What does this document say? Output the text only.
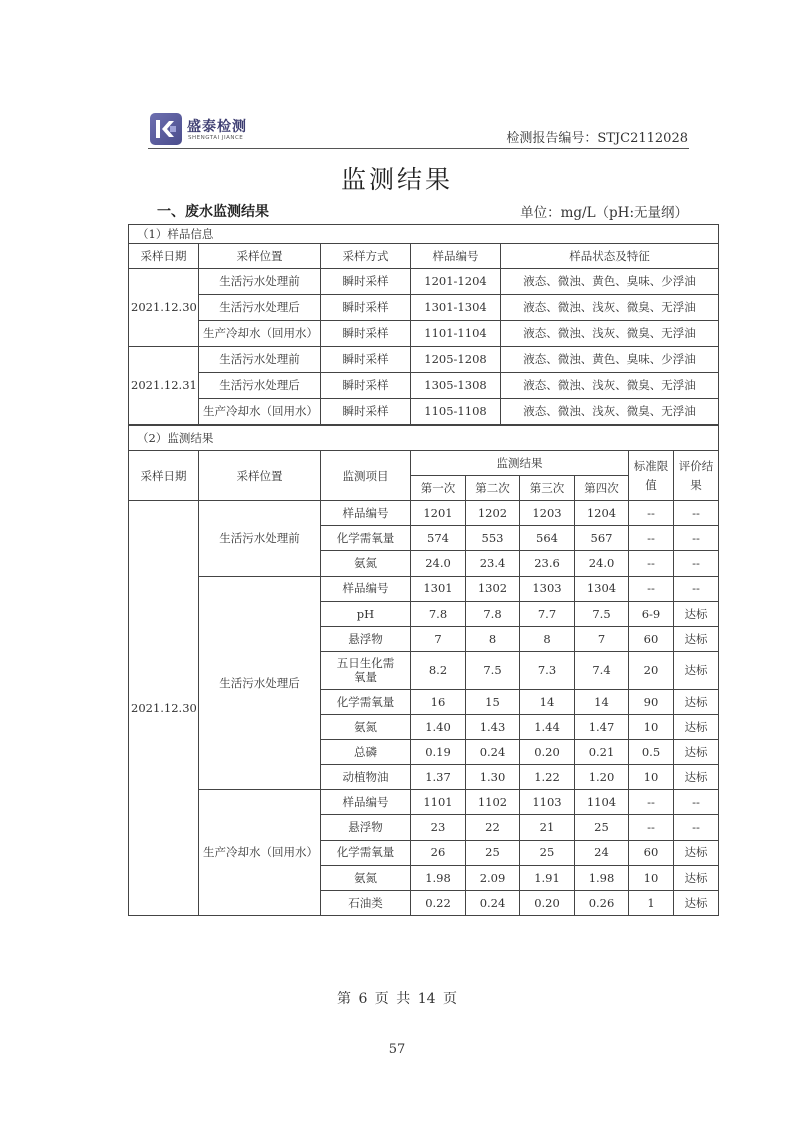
盛泰检测
SHENGTAI JIANCE	检测报告编号：STJC2112028
监测结果
一、废水监测结果	单位：mg/L（pH:无量纲）
（1）样品信息				
采样日期	采样位置	采样方式	样品编号	样品状态及特征
2021.12.30	生活污水处理前	瞬时采样	1201-1204	液态、微浊、黄色、臭味、少浮油
	生活污水处理后	瞬时采样	1301-1304	液态、微浊、浅灰、微臭、无浮油
	生产冷却水（回用水）	瞬时采样	1101-1104	液态、微浊、浅灰、微臭、无浮油
2021.12.31	生活污水处理前	瞬时采样	1205-1208	液态、微浊、黄色、臭味、少浮油
	生活污水处理后	瞬时采样	1305-1308	液态、微浊、浅灰、微臭、无浮油
	生产冷却水（回用水）	瞬时采样	1105-1108	液态、微浊、浅灰、微臭、无浮油
（2）监测结果								
采样日期	采样位置	监测项目	监测结果				标准限值	评价结果
			第一次	第二次	第三次	第四次		
2021.12.30	生活污水处理前	样品编号	1201	1202	1203	1204	--	--
		化学需氧量	574	553	564	567	--	--
		氨氮	24.0	23.4	23.6	24.0	--	--
	生活污水处理后	样品编号	1301	1302	1303	1304	--	--
		pH	7.8	7.8	7.7	7.5	6-9	达标
		悬浮物	7	8	8	7	60	达标
		五日生化需氧量	8.2	7.5	7.3	7.4	20	达标
		化学需氧量	16	15	14	14	90	达标
		氨氮	1.40	1.43	1.44	1.47	10	达标
		总磷	0.19	0.24	0.20	0.21	0.5	达标
		动植物油	1.37	1.30	1.22	1.20	10	达标
	生产冷却水（回用水）	样品编号	1101	1102	1103	1104	--	--
		悬浮物	23	22	21	25	--	--
		化学需氧量	26	25	25	24	60	达标
		氨氮	1.98	2.09	1.91	1.98	10	达标
		石油类	0.22	0.24	0.20	0.26	1	达标
第 6 页 共 14 页
57
